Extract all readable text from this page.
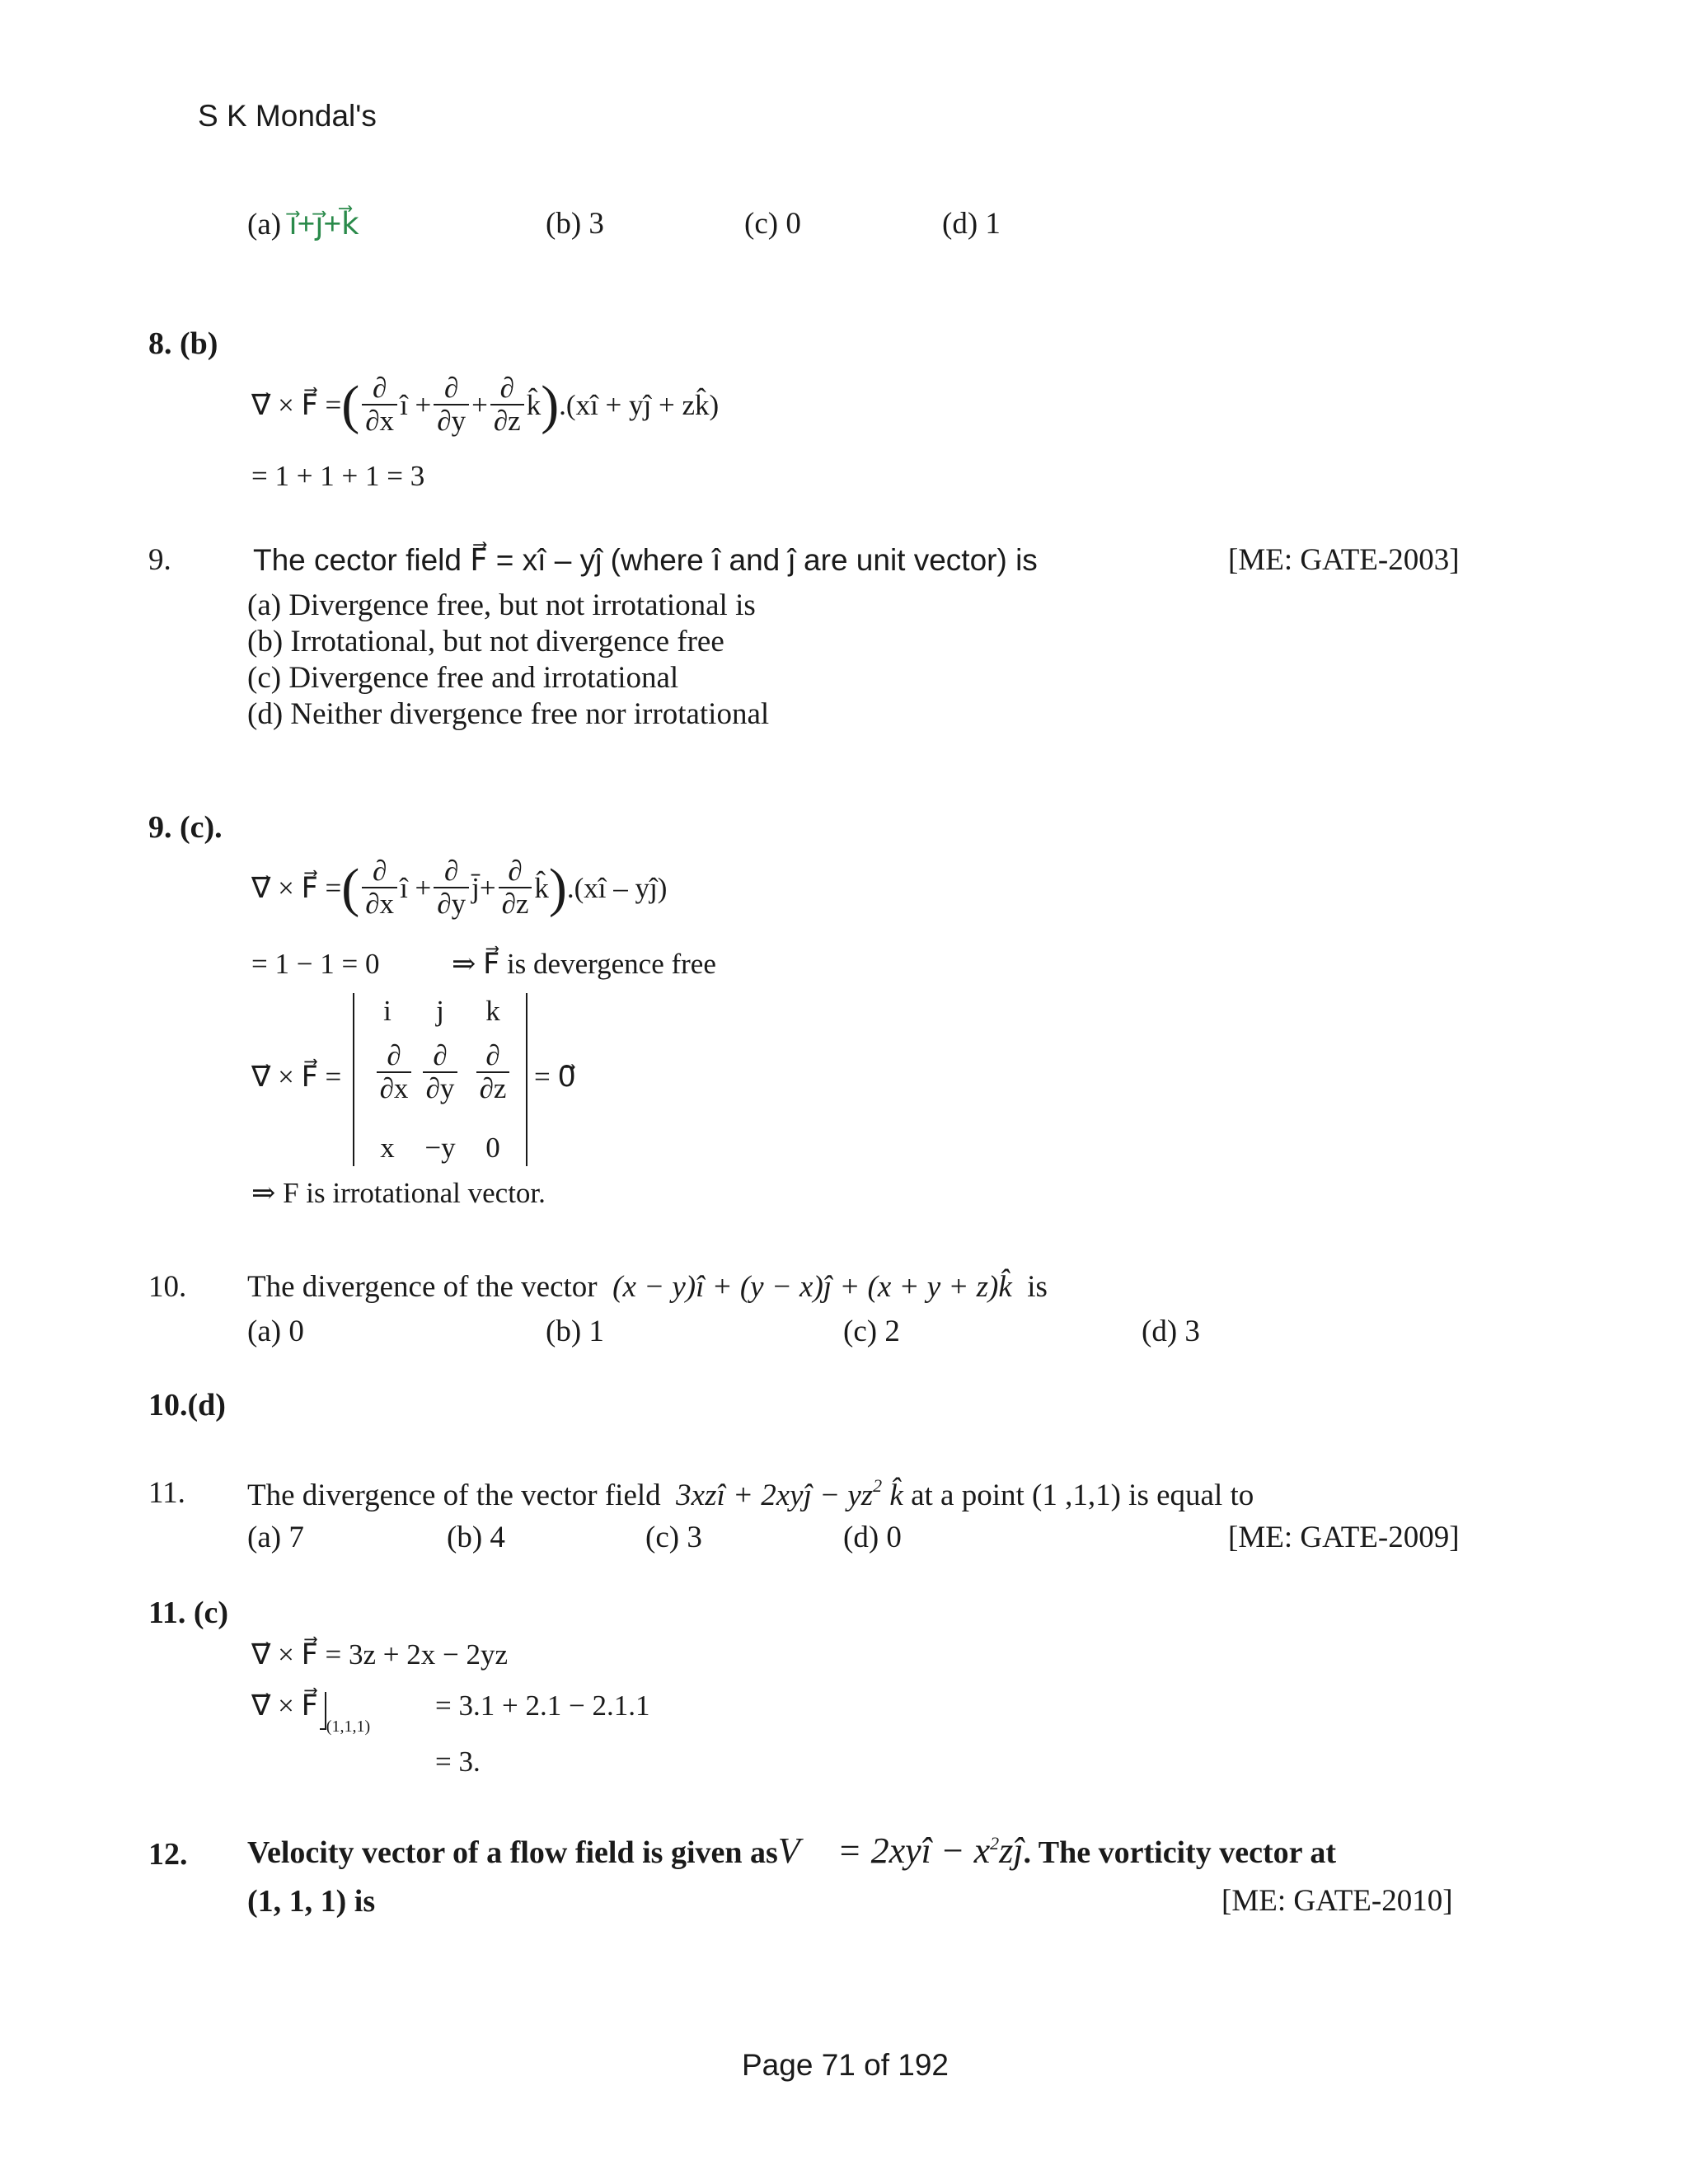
S K Mondal's
(a) i⃗+j⃗+k⃗	(b) 3	(c) 0	(d) 1
8. (b)
∇⃗ × F⃗ = ( $\frac{\partial}{\partial x}$ î
+ $\frac{\partial}{\partial y} + \frac{\partial}{\partial z}$ k̂ ) .(xî + yĵ + zk̂)
= 1 + 1 + 1 = 3
9.	The cector field F⃗ = xî – yĵ (where î and ĵ are unit vector) is	[ME: GATE-2003]
(a) Divergence free, but not irrotational is
(b) Irrotational, but not divergence free
(c) Divergence free and irrotational
(d) Neither divergence free nor irrotational
9. (c).
∇⃗ × F⃗ = ( $\frac{\partial}{\partial x}$ î
+ $\frac{\partial}{\partial y}$ j̄ + $\frac{\partial}{\partial z}$ k̂ ) .(xî – yĵ)
= 1 − 1 = 0	⇒ F⃗ is devergence free
∇⃗ × F⃗ =
i	j	k
$\frac{\partial}{\partial x} \frac{\partial}{\partial y} \frac{\partial}{\partial z}$
x	−y	0
= 0⃗
⇒ F is irrotational vector.
10. The divergence of the vector (x − y)î + (y − x)ĵ + (x + y + z)k̂ is
(a) 0	(b) 1	(c) 2	(d) 3
10.(d)
11. The divergence of the vector field 3xzî + 2xyĵ − $yz^2$ k̂ at a point (1 ,1,1) is equal to
(a) 7	(b) 4	(c) 3	(d) 0	[ME: GATE-2009]
11. (c)
∇⃗ × F⃗ = 3z + 2x − 2yz
∇⃗ × $F⃗_{(1,1,1)}$
= 3.1 + 2.1 − 2.1.1
= 3.
12. Velocity vector of a flow field is given asV⃗ = 2xyî − $x^2zĵ$. The vorticity vector at
(1, 1, 1) is	[ME: GATE-2010]
Page 71 of 192
